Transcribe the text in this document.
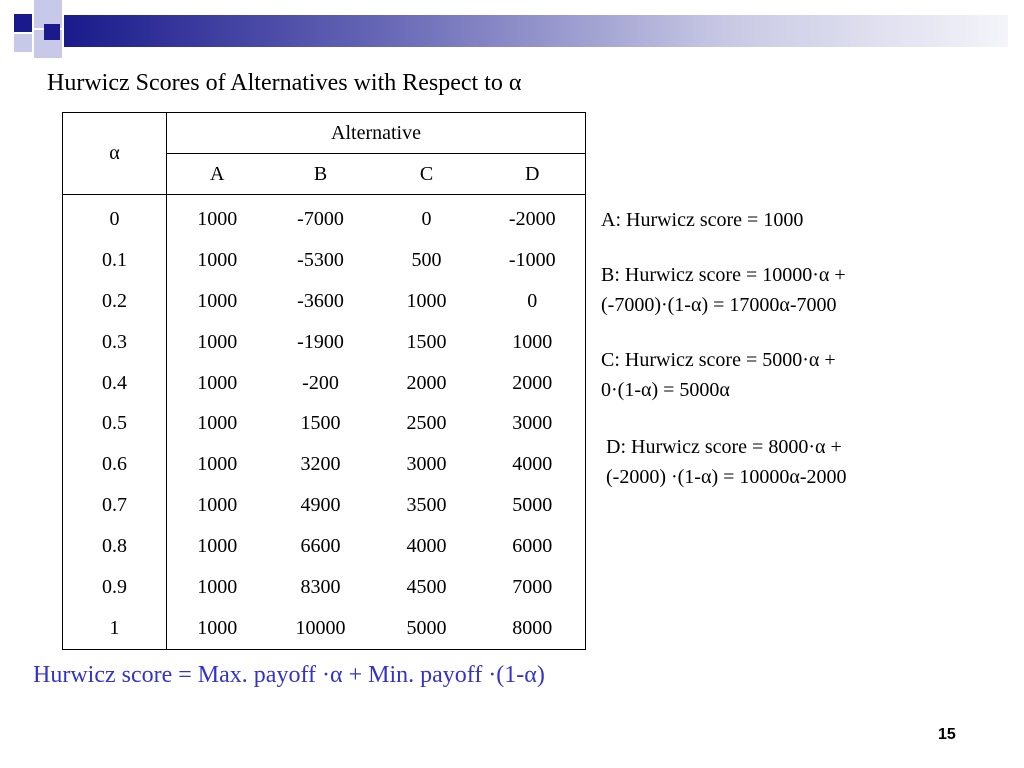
Hurwicz Scores of Alternatives with Respect to α
α	Alternative			
	A	B	C	D
0	1000	-7000	0	-2000
0.1	1000	-5300	500	-1000
0.2	1000	-3600	1000	0
0.3	1000	-1900	1500	1000
0.4	1000	-200	2000	2000
0.5	1000	1500	2500	3000
0.6	1000	3200	3000	4000
0.7	1000	4900	3500	5000
0.8	1000	6600	4000	6000
0.9	1000	8300	4500	7000
1	1000	10000	5000	8000
A: Hurwicz score = 1000
B: Hurwicz score = 10000·α +
(-7000)·(1-α) = 17000α-7000
C: Hurwicz score = 5000·α +
0·(1-α) = 5000α
D: Hurwicz score = 8000·α +
(-2000) ·(1-α) = 10000α-2000
Hurwicz score = Max. payoff ·α + Min. payoff ·(1-α)
15
